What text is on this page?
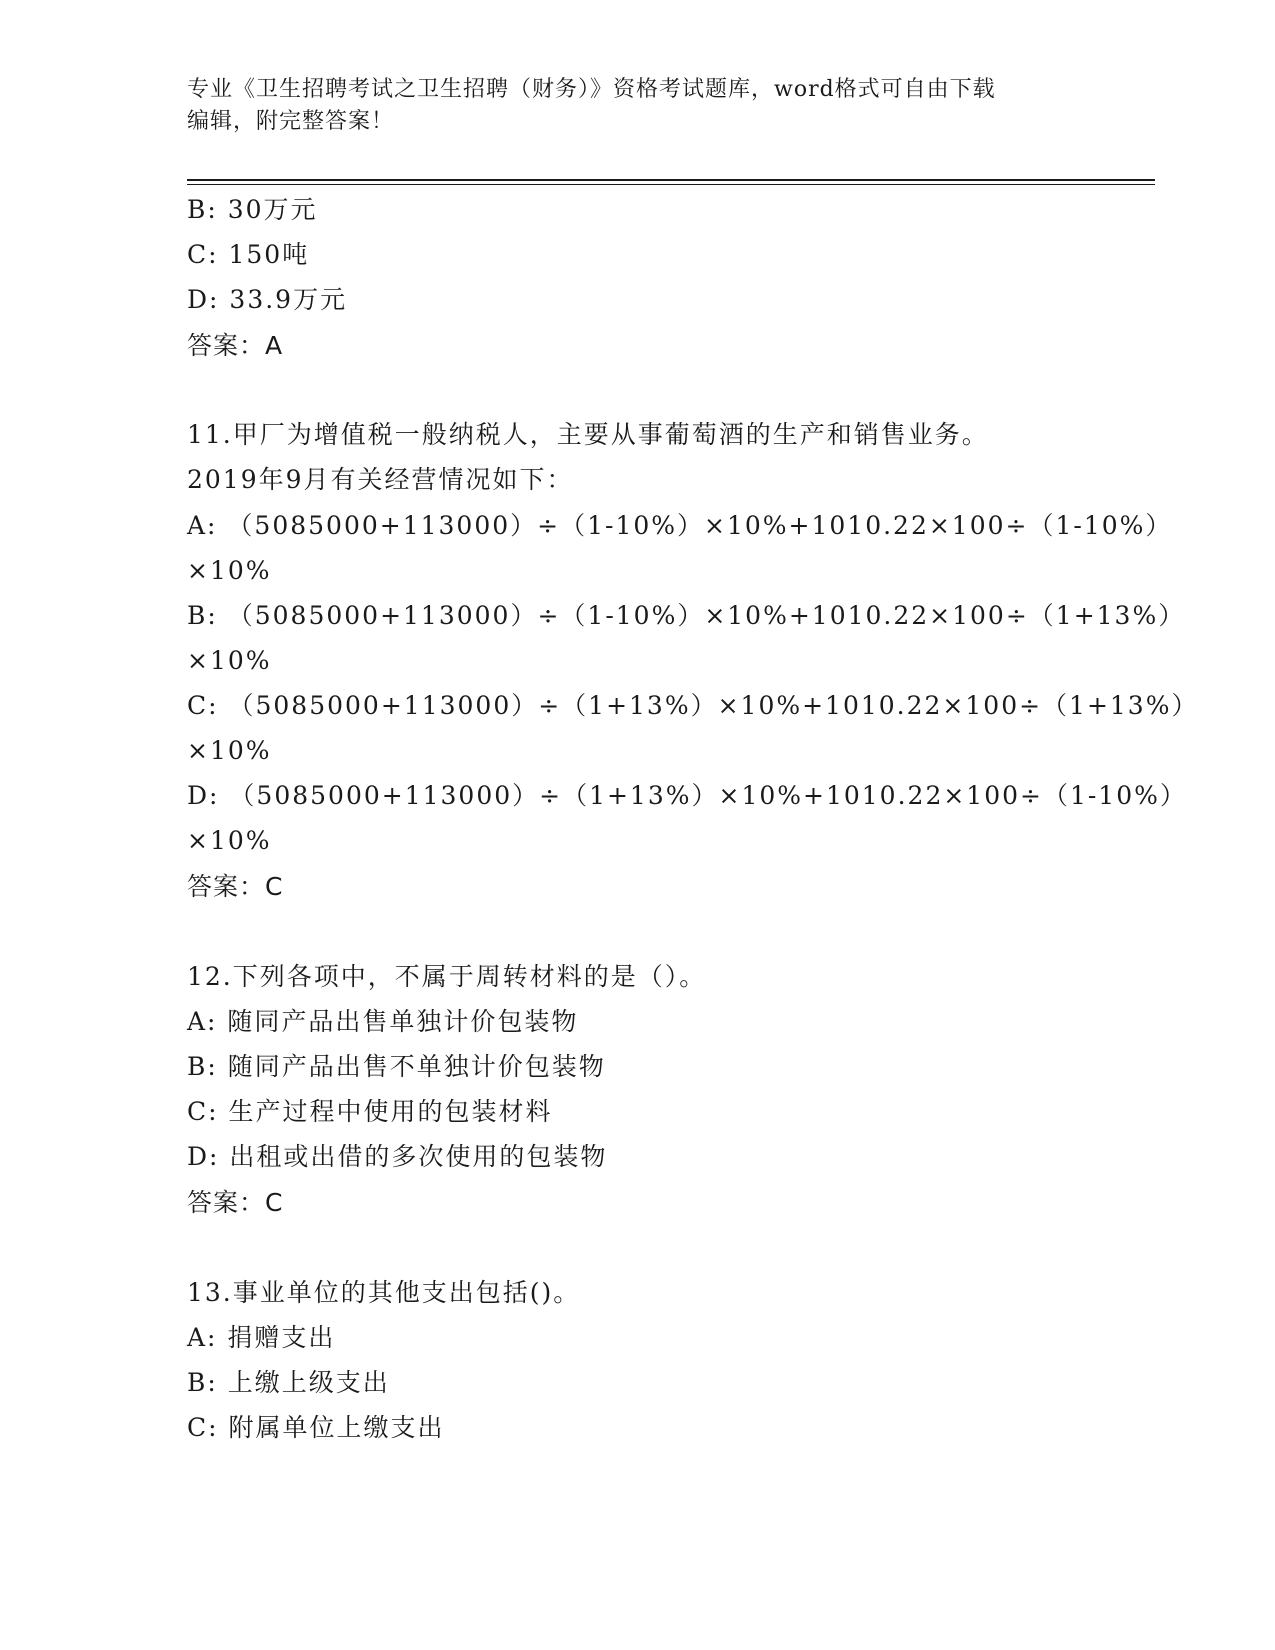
专业《卫生招聘考试之卫生招聘（财务）》资格考试题库，word格式可自由下载
编辑，附完整答案！
B: 30万元
C: 150吨
D: 33.9万元
答案：A
11.甲厂为增值税一般纳税人，主要从事葡萄酒的生产和销售业务。
2019年9月有关经营情况如下：
A: （5085000+113000）÷（1-10%）×10%+1010.22×100÷（1-10%）
×10%
B: （5085000+113000）÷（1-10%）×10%+1010.22×100÷（1+13%）
×10%
C: （5085000+113000）÷（1+13%）×10%+1010.22×100÷（1+13%）
×10%
D: （5085000+113000）÷（1+13%）×10%+1010.22×100÷（1-10%）
×10%
答案：C
12.下列各项中，不属于周转材料的是（）。
A: 随同产品出售单独计价包装物
B: 随同产品出售不单独计价包装物
C: 生产过程中使用的包装材料
D: 出租或出借的多次使用的包装物
答案：C
13.事业单位的其他支出包括()。
A: 捐赠支出
B: 上缴上级支出
C: 附属单位上缴支出
